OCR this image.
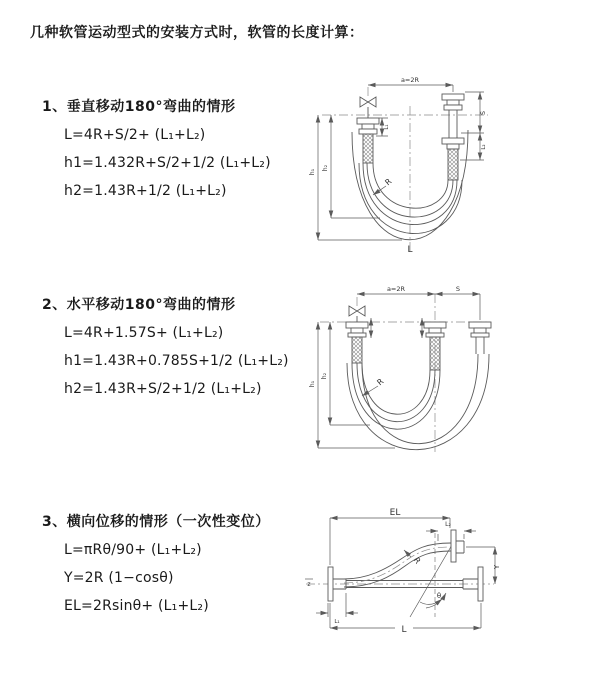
几种软管运动型式的安装方式时，软管的长度计算：

1、垂直移动180°弯曲的情形

L=4R+S/2+ (L₁+L₂)

h1=1.432R+S/2+1/2 (L₁+L₂)

h2=1.43R+1/2 (L₁+L₂)

a=2R
h₁
h₂
L₁
S
L₂
R
L

2、水平移动180°弯曲的情形

L=4R+1.57S+ (L₁+L₂)

h1=1.43R+0.785S+1/2 (L₁+L₂)

h2=1.43R+S/2+1/2 (L₁+L₂)

a=2R	S
h₁
h₂
R

3、横向位移的情形（一次性变位）

L=πRθ/90+ (L₁+L₂)

Y=2R (1−cosθ)

EL=2Rsinθ+ (L₁+L₂)

EL
L₂
Y
R
θ
L
L₁
z
